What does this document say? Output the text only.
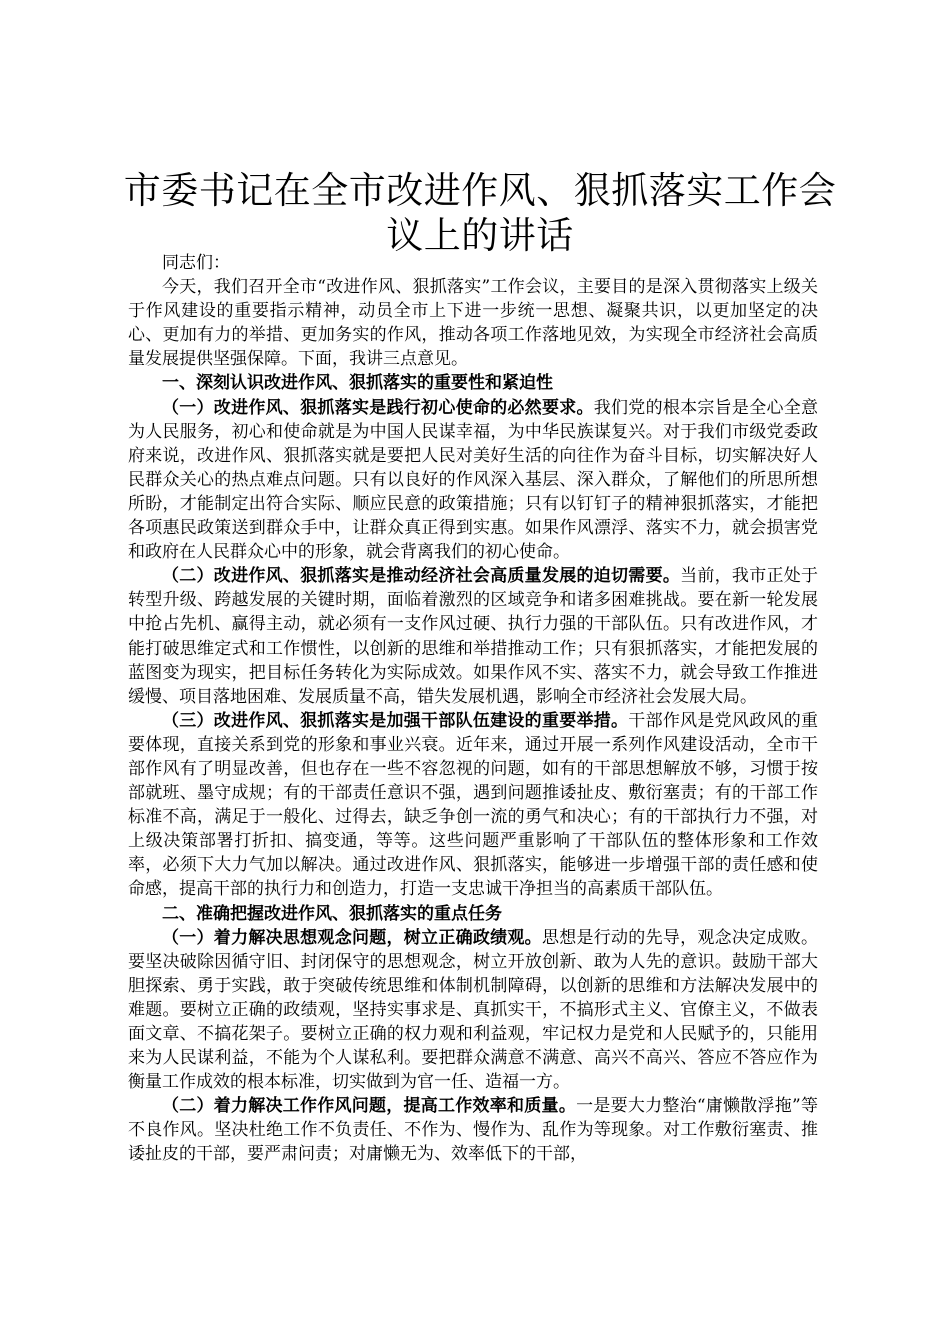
市委书记在全市改进作风、狠抓落实工作会议上的讲话

同志们：

今天，我们召开全市“改进作风、狠抓落实”工作会议，主要目的是深入贯彻落实上级关于作风建设的重要指示精神，动员全市上下进一步统一思想、凝聚共识，以更加坚定的决心、更加有力的举措、更加务实的作风，推动各项工作落地见效，为实现全市经济社会高质量发展提供坚强保障。下面，我讲三点意见。

一、深刻认识改进作风、狠抓落实的重要性和紧迫性

（一）改进作风、狠抓落实是践行初心使命的必然要求。我们党的根本宗旨是全心全意为人民服务，初心和使命就是为中国人民谋幸福，为中华民族谋复兴。对于我们市级党委政府来说，改进作风、狠抓落实就是要把人民对美好生活的向往作为奋斗目标，切实解决好人民群众关心的热点难点问题。只有以良好的作风深入基层、深入群众，了解他们的所思所想所盼，才能制定出符合实际、顺应民意的政策措施；只有以钉钉子的精神狠抓落实，才能把各项惠民政策送到群众手中，让群众真正得到实惠。如果作风漂浮、落实不力，就会损害党和政府在人民群众心中的形象，就会背离我们的初心使命。

（二）改进作风、狠抓落实是推动经济社会高质量发展的迫切需要。当前，我市正处于转型升级、跨越发展的关键时期，面临着激烈的区域竞争和诸多困难挑战。要在新一轮发展中抢占先机、赢得主动，就必须有一支作风过硬、执行力强的干部队伍。只有改进作风，才能打破思维定式和工作惯性，以创新的思维和举措推动工作；只有狠抓落实，才能把发展的蓝图变为现实，把目标任务转化为实际成效。如果作风不实、落实不力，就会导致工作推进缓慢、项目落地困难、发展质量不高，错失发展机遇，影响全市经济社会发展大局。

（三）改进作风、狠抓落实是加强干部队伍建设的重要举措。干部作风是党风政风的重要体现，直接关系到党的形象和事业兴衰。近年来，通过开展一系列作风建设活动，全市干部作风有了明显改善，但也存在一些不容忽视的问题，如有的干部思想解放不够，习惯于按部就班、墨守成规；有的干部责任意识不强，遇到问题推诿扯皮、敷衍塞责；有的干部工作标准不高，满足于一般化、过得去，缺乏争创一流的勇气和决心；有的干部执行力不强，对上级决策部署打折扣、搞变通，等等。这些问题严重影响了干部队伍的整体形象和工作效率，必须下大力气加以解决。通过改进作风、狠抓落实，能够进一步增强干部的责任感和使命感，提高干部的执行力和创造力，打造一支忠诚干净担当的高素质干部队伍。

二、准确把握改进作风、狠抓落实的重点任务

（一）着力解决思想观念问题，树立正确政绩观。思想是行动的先导，观念决定成败。要坚决破除因循守旧、封闭保守的思想观念，树立开放创新、敢为人先的意识。鼓励干部大胆探索、勇于实践，敢于突破传统思维和体制机制障碍，以创新的思维和方法解决发展中的难题。要树立正确的政绩观，坚持实事求是、真抓实干，不搞形式主义、官僚主义，不做表面文章、不搞花架子。要树立正确的权力观和利益观，牢记权力是党和人民赋予的，只能用来为人民谋利益，不能为个人谋私利。要把群众满意不满意、高兴不高兴、答应不答应作为衡量工作成效的根本标准，切实做到为官一任、造福一方。

（二）着力解决工作作风问题，提高工作效率和质量。一是要大力整治“庸懒散浮拖”等不良作风。坚决杜绝工作不负责任、不作为、慢作为、乱作为等现象。对工作敷衍塞责、推诿扯皮的干部，要严肃问责；对庸懒无为、效率低下的干部，
